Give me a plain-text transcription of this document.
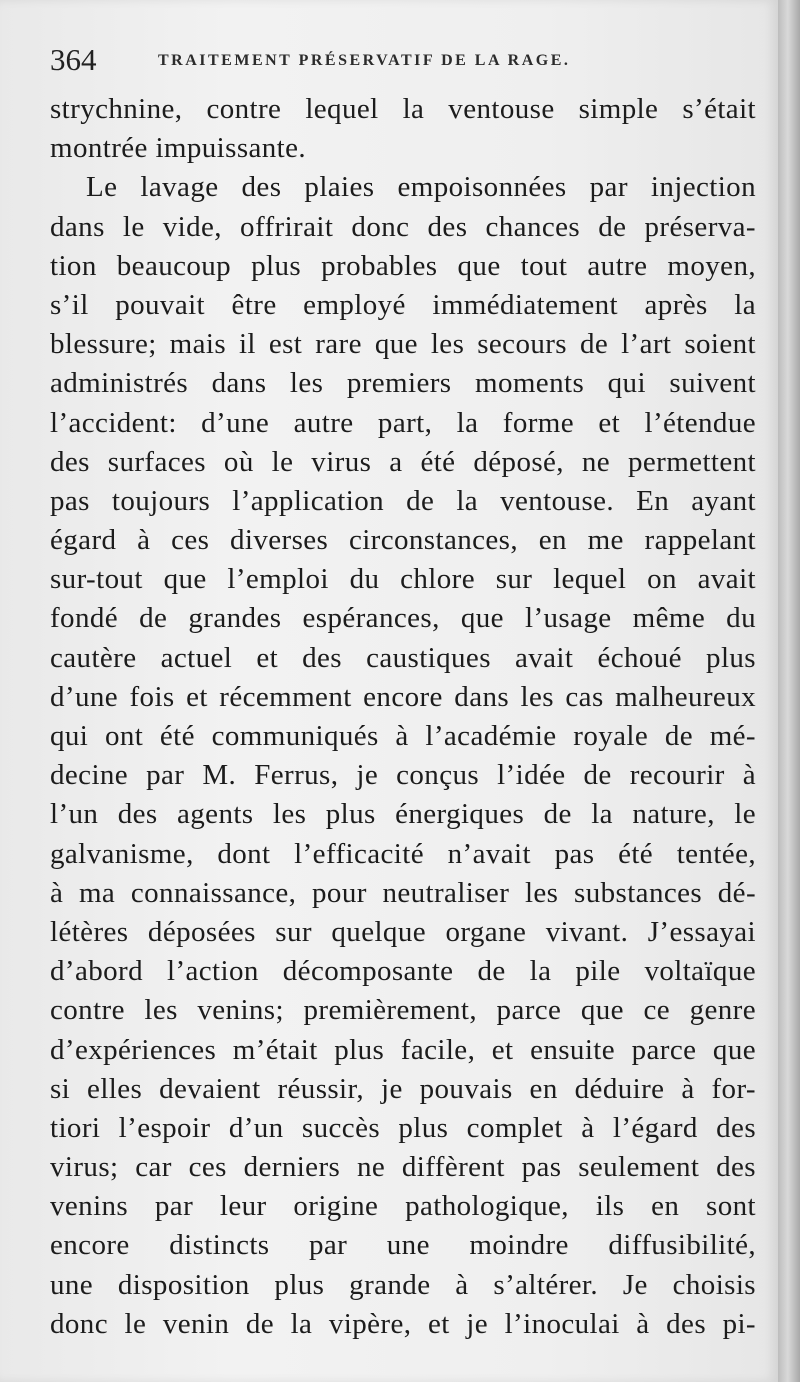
364	TRAITEMENT PRÉSERVATIF DE LA RAGE.
strychnine, contre lequel la ventouse simple s’était
montrée impuissante.
Le lavage des plaies empoisonnées par injection
dans le vide, offrirait donc des chances de préserva-
tion beaucoup plus probables que tout autre moyen,
s’il pouvait être employé immédiatement après la
blessure; mais il est rare que les secours de l’art soient
administrés dans les premiers moments qui suivent
l’accident: d’une autre part, la forme et l’étendue
des surfaces où le virus a été déposé, ne permettent
pas toujours l’application de la ventouse. En ayant
égard à ces diverses circonstances, en me rappelant
sur-tout que l’emploi du chlore sur lequel on avait
fondé de grandes espérances, que l’usage même du
cautère actuel et des caustiques avait échoué plus
d’une fois et récemment encore dans les cas malheureux
qui ont été communiqués à l’académie royale de mé-
decine par M. Ferrus, je conçus l’idée de recourir à
l’un des agents les plus énergiques de la nature, le
galvanisme, dont l’efficacité n’avait pas été tentée,
à ma connaissance, pour neutraliser les substances dé-
létères déposées sur quelque organe vivant. J’essayai
d’abord l’action décomposante de la pile voltaïque
contre les venins; premièrement, parce que ce genre
d’expériences m’était plus facile, et ensuite parce que
si elles devaient réussir, je pouvais en déduire à for-
tiori l’espoir d’un succès plus complet à l’égard des
virus; car ces derniers ne diffèrent pas seulement des
venins par leur origine pathologique, ils en sont
encore distincts par une moindre diffusibilité,
une disposition plus grande à s’altérer. Je choisis
donc le venin de la vipère, et je l’inoculai à des pi-
